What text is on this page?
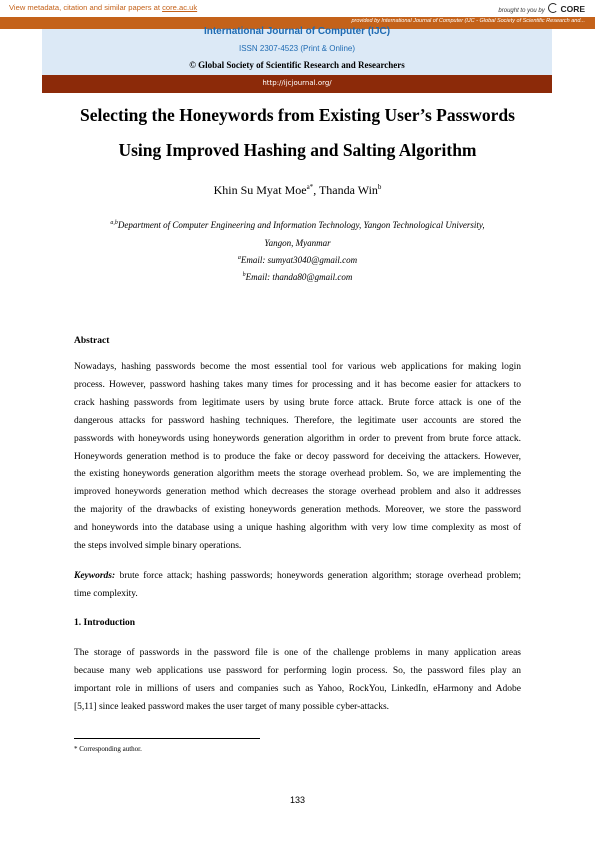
View metadata, citation and similar papers at core.ac.uk	brought to you by CORE
provided by International Journal of Computer (IJC - Global Society of Scientific Research and...
International Journal of Computer (IJC)
ISSN 2307-4523 (Print & Online)
© Global Society of Scientific Research and Researchers
http://ijcjournal.org/
Selecting the Honeywords from Existing User’s Passwords
Using Improved Hashing and Salting Algorithm
Khin Su Myat Moe$^{a*}$, Thanda Win$^b$
$^{a,b}$Department of Computer Engineering and Information Technology, Yangon Technological University,
Yangon, Myanmar
$^a$Email: sumyat3040@gmail.com
$^b$Email: thanda80@gmail.com
Abstract
Nowadays, hashing passwords become the most essential tool for various web applications for making login
process. However, password hashing takes many times for processing and it has become easier for attackers to
crack hashing passwords from legitimate users by using brute force attack. Brute force attack is one of the
dangerous attacks for password hashing techniques. Therefore, the legitimate user accounts are stored the
passwords with honeywords using honeywords generation algorithm in order to prevent from brute force attack.
Honeywords generation method is to produce the fake or decoy password for deceiving the attackers. However,
the existing honeywords generation algorithm meets the storage overhead problem. So, we are implementing the
improved honeywords generation method which decreases the storage overhead problem and also it addresses
the majority of the drawbacks of existing honeywords generation methods. Moreover, we store the password
and honeywords into the database using a unique hashing algorithm with very low time complexity as most of
the steps involved simple binary operations.
Keywords: brute force attack; hashing passwords; honeywords generation algorithm; storage overhead problem;
time complexity.
1. Introduction
The storage of passwords in the password file is one of the challenge problems in many application areas
because many web applications use password for performing login process. So, the password files play an
important role in millions of users and companies such as Yahoo, RockYou, LinkedIn, eHarmony and Adobe
[5,11] since leaked password makes the user target of many possible cyber-attacks.
* Corresponding author.
133
